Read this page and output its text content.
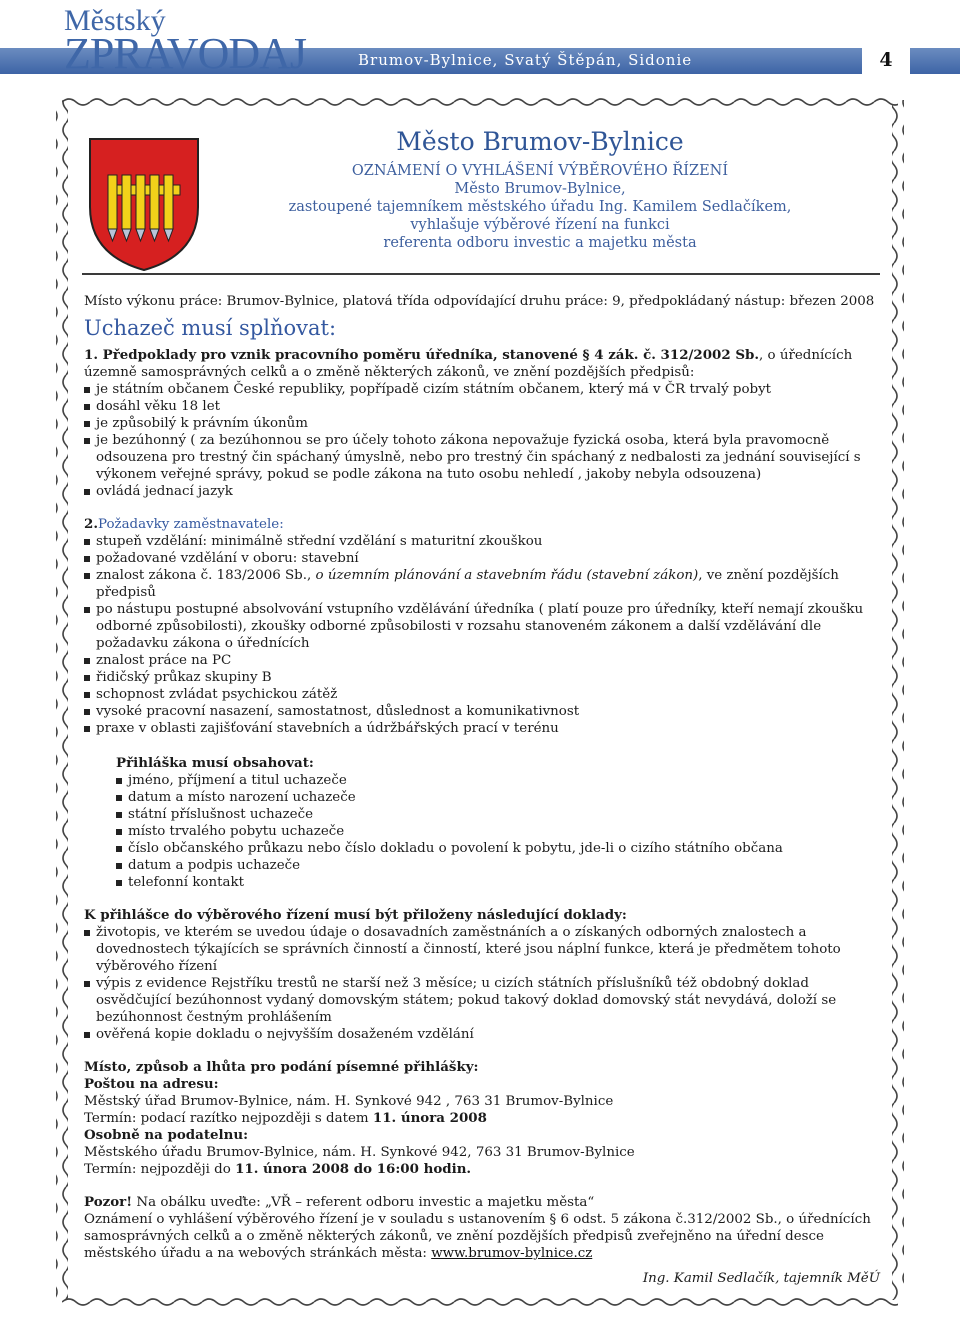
Městský
ZPRAVODAJ	Brumov-Bylnice, Svatý Štěpán, Sidonie	4
Město Brumov-Bylnice
OZNÁMENÍ O VYHLÁŠENÍ VÝBĚROVÉHO ŘÍZENÍ
Město Brumov-Bylnice,
zastoupené tajemníkem městského úřadu Ing. Kamilem Sedlačíkem,
vyhlašuje výběrové řízení na funkci
referenta odboru investic a majetku města

Místo výkonu práce: Brumov-Bylnice, platová třída odpovídající druhu práce: 9, předpokládaný nástup: březen 2008

Uchazeč musí splňovat:

1. Předpoklady pro vznik pracovního poměru úředníka, stanovené § 4 zák. č. 312/2002 Sb., o úřednících územně samosprávných celků a o změně některých zákonů, ve znění pozdějších předpisů:

je státním občanem České republiky, popřípadě cizím státním občanem, který má v ČR trvalý pobyt
dosáhl věku 18 let
je způsobilý k právním úkonům
je bezúhonný ( za bezúhonnou se pro účely tohoto zákona nepovažuje fyzická osoba, která byla pravomocně odsouzena pro trestný čin spáchaný úmyslně, nebo pro trestný čin spáchaný z nedbalosti za jednání související s výkonem veřejné správy, pokud se podle zákona na tuto osobu nehledí , jakoby nebyla odsouzena)
ovládá jednací jazyk

2.Požadavky zaměstnavatele:

stupeň vzdělání: minimálně střední vzdělání s maturitní zkouškou
požadované vzdělání v oboru: stavební
znalost zákona č. 183/2006 Sb., o územním plánování a stavebním řádu (stavební zákon), ve znění pozdějších předpisů
po nástupu postupné absolvování vstupního vzdělávání úředníka ( platí pouze pro úředníky, kteří nemají zkoušku odborné způsobilosti), zkoušky odborné způsobilosti v rozsahu stanoveném zákonem a další vzdělávání dle požadavku zákona o úřednících
znalost práce na PC
řidičský průkaz skupiny B
schopnost zvládat psychickou zátěž
vysoké pracovní nasazení, samostatnost, důslednost a komunikativnost
praxe v oblasti zajišťování stavebních a údržbářských prací v terénu

Přihláška musí obsahovat:

jméno, příjmení a titul uchazeče
datum a místo narození uchazeče
státní příslušnost uchazeče
místo trvalého pobytu uchazeče
číslo občanského průkazu nebo číslo dokladu o povolení k pobytu, jde-li o cizího státního občana
datum a podpis uchazeče
telefonní kontakt

K přihlášce do výběrového řízení musí být přiloženy následující doklady:

životopis, ve kterém se uvedou údaje o dosavadních zaměstnáních a o získaných odborných znalostech a dovednostech týkajících se správních činností a činností, které jsou náplní funkce, která je předmětem tohoto výběrového řízení
výpis z evidence Rejstříku trestů ne starší než 3 měsíce; u cizích státních příslušníků též obdobný doklad osvědčující bezúhonnost vydaný domovským státem; pokud takový doklad domovský stát nevydává, doloží se bezúhonnost čestným prohlášením
ověřená kopie dokladu o nejvyšším dosaženém vzdělání

Místo, způsob a lhůta pro podání písemné přihlášky:

Poštou na adresu:

Městský úřad Brumov-Bylnice, nám. H. Synkové 942 , 763 31 Brumov-Bylnice

Termín: podací razítko nejpozději s datem 11. února 2008

Osobně na podatelnu:

Městského úřadu Brumov-Bylnice, nám. H. Synkové 942, 763 31 Brumov-Bylnice

Termín: nejpozději do 11. února 2008 do 16:00 hodin.

Pozor! Na obálku uveďte: „VŘ – referent odboru investic a majetku města“

Oznámení o vyhlášení výběrového řízení je v souladu s ustanovením § 6 odst. 5 zákona č.312/2002 Sb., o úřednících samosprávných celků a o změně některých zákonů, ve znění pozdějších předpisů zveřejněno na úřední desce městského úřadu a na webových stránkách města: www.brumov-bylnice.cz

Ing. Kamil Sedlačík, tajemník MěÚ
